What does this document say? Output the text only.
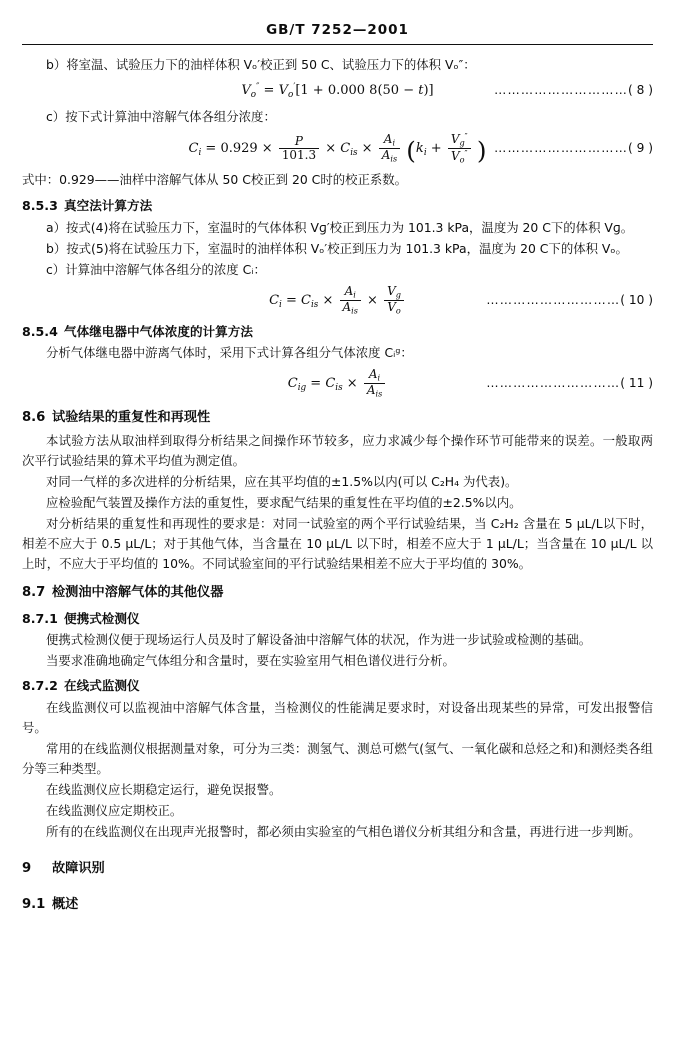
GB/T 7252—2001

b）将室温、试验压力下的油样体积 Vₒ′校正到 50 C、试验压力下的体积 Vₒ″：

$V_o'' = V_o'[1 + 0.000$ 8(50 − t)]	…………………………( 8 )

c）按下式计算油中溶解气体各组分浓度：

$C_i = 0.929 \times \frac{P}{101.3} \times C_{is} \times \frac{A_i}{A_{is}} (k_i + \frac{V_g''}{V_o''}$ ) …………………………( 9 )

式中：0.929——油样中溶解气体从 50 C校正到 20 C时的校正系数。

8.5.3 真空法计算方法

a）按式(4)将在试验压力下，室温时的气体体积 Vɡ′校正到压力为 101.3 kPa，温度为 20 C下的体积 Vɡ。

b）按式(5)将在试验压力下，室温时的油样体积 Vₒ′校正到压力为 101.3 kPa，温度为 20 C下的体积 Vₒ。

c）计算油中溶解气体各组分的浓度 Cᵢ：

$C_i = C_{is} \times \frac{A_i}{A_{is}} \times \frac{V_g}{V_o}$	…………………………( 10 )

8.5.4 气体继电器中气体浓度的计算方法

分析气体继电器中游离气体时，采用下式计算各组分气体浓度 Cᵢᵍ：

$C_{ig} = C_{is} \times \frac{A_i}{A_{is}}$	…………………………( 11 )

8.6 试验结果的重复性和再现性

本试验方法从取油样到取得分析结果之间操作环节较多，应力求减少每个操作环节可能带来的误差。一般取两次平行试验结果的算术平均值为测定值。

对同一气样的多次进样的分析结果，应在其平均值的±1.5%以内(可以 C₂H₄ 为代表)。

应检验配气装置及操作方法的重复性，要求配气结果的重复性在平均值的±2.5%以内。

对分析结果的重复性和再现性的要求是：对同一试验室的两个平行试验结果，当 C₂H₂ 含量在 5 μL/L以下时，相差不应大于 0.5 μL/L；对于其他气体，当含量在 10 μL/L 以下时，相差不应大于 1 μL/L；当含量在 10 μL/L 以上时，不应大于平均值的 10%。不同试验室间的平行试验结果相差不应大于平均值的 30%。

8.7 检测油中溶解气体的其他仪器

8.7.1 便携式检测仪

便携式检测仪便于现场运行人员及时了解设备油中溶解气体的状况，作为进一步试验或检测的基础。

当要求准确地确定气体组分和含量时，要在实验室用气相色谱仪进行分析。

8.7.2 在线式监测仪

在线监测仪可以监视油中溶解气体含量，当检测仪的性能满足要求时，对设备出现某些的异常，可发出报警信号。

常用的在线监测仪根据测量对象，可分为三类：测氢气、测总可燃气(氢气、一氧化碳和总烃之和)和测烃类各组分等三种类型。

在线监测仪应长期稳定运行，避免误报警。

在线监测仪应定期校正。

所有的在线监测仪在出现声光报警时，都必须由实验室的气相色谱仪分析其组分和含量，再进行进一步判断。

9 故障识别

9.1 概述
